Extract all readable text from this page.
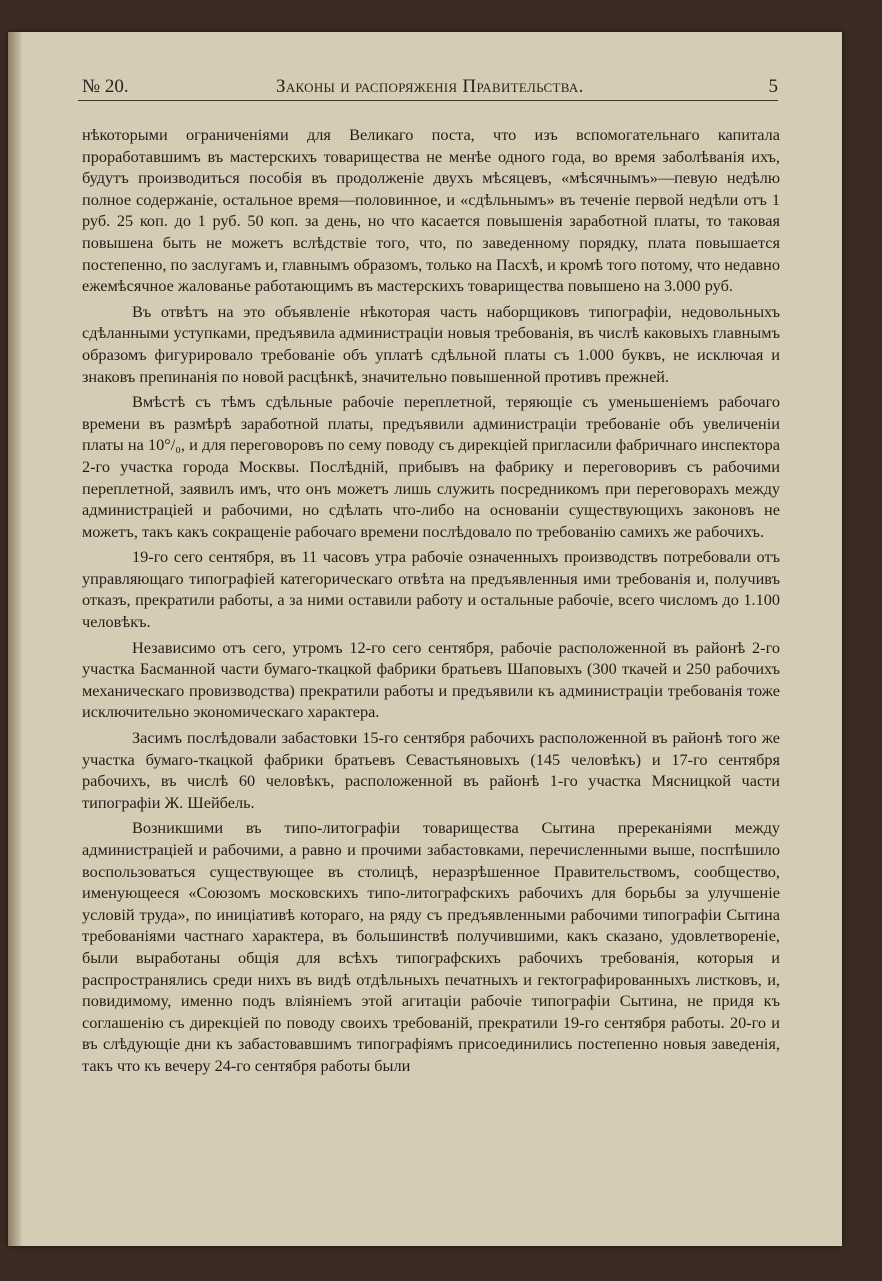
№ 20.	Законы и распоряженія Правительства.	5

нѣкоторыми ограниченіями для Великаго поста, что изъ вспомогательнаго капитала проработавшимъ въ мастерскихъ товарищества не менѣе одного года, во время заболѣванія ихъ, будутъ производиться пособія въ продолженіе двухъ мѣсяцевъ, «мѣсячнымъ»—певую недѣлю полное содержаніе, остальное время—половинное, и «сдѣльнымъ» въ теченіе первой недѣли отъ 1 руб. 25 коп. до 1 руб. 50 коп. за день, но что касается повышенія заработной платы, то таковая повышена быть не можетъ вслѣдствіе того, что, по заведенному порядку, плата повышается постепенно, по заслугамъ и, главнымъ образомъ, только на Пасхѣ, и кромѣ того потому, что недавно ежемѣсячное жалованье работающимъ въ мастерскихъ товарищества повышено на 3.000 руб.

Въ отвѣтъ на это объявленіе нѣкоторая часть наборщиковъ типографіи, недовольныхъ сдѣланными уступками, предъявила администраціи новыя требованія, въ числѣ каковыхъ главнымъ образомъ фигурировало требованіе объ уплатѣ сдѣльной платы съ 1.000 буквъ, не исключая и знаковъ препинанія по новой расцѣнкѣ, значительно повышенной противъ прежней.

Вмѣстѣ съ тѣмъ сдѣльные рабочіе переплетной, теряющіе съ уменьшеніемъ рабочаго времени въ размѣрѣ заработной платы, предъявили администраціи требованіе объ увеличеніи платы на 10°/₀, и для переговоровъ по сему поводу съ дирекціей пригласили фабричнаго инспектора 2-го участка города Москвы. Послѣдній, прибывъ на фабрику и переговоривъ съ рабочими переплетной, заявилъ имъ, что онъ можетъ лишь служить посредникомъ при переговорахъ между администраціей и рабочими, но сдѣлать что-либо на основаніи существующихъ законовъ не можетъ, такъ какъ сокращеніе рабочаго времени послѣдовало по требованію самихъ же рабочихъ.

19-го сего сентября, въ 11 часовъ утра рабочіе означенныхъ производствъ потребовали отъ управляющаго типографіей категорическаго отвѣта на предъявленныя ими требованія и, получивъ отказъ, прекратили работы, а за ними оставили работу и остальные рабочіе, всего числомъ до 1.100 человѣкъ.

Независимо отъ сего, утромъ 12-го сего сентября, рабочіе расположенной въ районѣ 2-го участка Басманной части бумаго-ткацкой фабрики братьевъ Шаповыхъ (300 ткачей и 250 рабочихъ механическаго провизводства) прекратили работы и предъявили къ администраціи требованія тоже исключительно экономическаго характера.

Засимъ послѣдовали забастовки 15-го сентября рабочихъ расположенной въ районѣ того же участка бумаго-ткацкой фабрики братьевъ Севастьяновыхъ (145 человѣкъ) и 17-го сентября рабочихъ, въ числѣ 60 человѣкъ, расположенной въ районѣ 1-го участка Мясницкой части типографіи Ж. Шейбель.

Возникшими въ типо-литографіи товарищества Сытина пререканіями между администраціей и рабочими, а равно и прочими забастовками, перечисленными выше, поспѣшило воспользоваться существующее въ столицѣ, неразрѣшенное Правительствомъ, сообщество, именующееся «Союзомъ московскихъ типо-литографскихъ рабочихъ для борьбы за улучшеніе условій труда», по иниціативѣ котораго, на ряду съ предъявленными рабочими типографіи Сытина требованіями частнаго характера, въ большинствѣ получившими, какъ сказано, удовлетвореніе, были выработаны общія для всѣхъ типографскихъ рабочихъ требованія, которыя и распространялись среди нихъ въ видѣ отдѣльныхъ печатныхъ и гектографированныхъ листковъ, и, повидимому, именно подъ вліяніемъ этой агитаціи рабочіе типографіи Сытина, не придя къ соглашенію съ дирекціей по поводу своихъ требованій, прекратили 19-го сентября работы. 20-го и въ слѣдующіе дни къ забастовавшимъ типографіямъ присоединились постепенно новыя заведенія, такъ что къ вечеру 24-го сентября работы были
